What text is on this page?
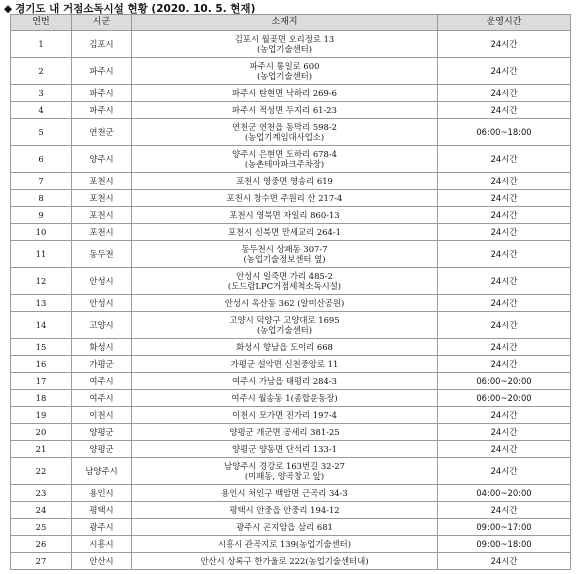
◆ 경기도 내 거점소독시설 현황 (2020. 10. 5. 현재)
연번	시군	소재지	운영시간
1	김포시	김포시 월곶면 오리정로 13
(농업기술센터)	24시간
2	파주시	파주시 통일로 600
(농업기술센터)	24시간
3	파주시	파주시 탄현면 낙하리 269-6	24시간
4	파주시	파주시 적성면 두지리 61-23	24시간
5	연천군	연천군 연천읍 동막리 598-2
(농업기계임대사업소)	06:00~18:00
6	양주시	양주시 은현면 도하리 678-4
(농촌테마파크주차장)	24시간
7	포천시	포천시 영중면 영송리 619	24시간
8	포천시	포천시 창수면 주원리 산 217-4	24시간
9	포천시	포천시 영북면 자일리 860-13	24시간
10	포천시	포천시 신북면 만세교리 264-1	24시간
11	동두천	동두천시 상패동 307-7
(농업기술정보센터 옆)	24시간
12	안성시	안성시 일죽면 가리 485-2
(도드람LPC거점세척소독시설)	24시간
13	안성시	안성시 옥산동 362 (알미산공원)	24시간
14	고양시	고양시 덕양구 고양대로 1695
(농업기술센터)	24시간
15	화성시	화성시 향남읍 도이리 668	24시간
16	가평군	가평군 설악면 신천중앙로 11	24시간
17	여주시	여주시 가남읍 태평리 284-3	06:00~20:00
18	여주시	여주시 월송동 1(종합운동장)	06:00~20:00
19	이천시	이천시 모가면 진가리 197-4	24시간
20	양평군	양평군 개군면 공세리 381-25	24시간
21	양평군	양평군 양동면 단석리 133-1	24시간
22	남양주시	남양주시 경강로 163번길 32-27
(미패동, 양곡창고 앞)	24시간
23	용인시	용인시 처인구 백암면 근곡리 34-3	04:00~20:00
24	평택시	평택시 안중읍 안중리 194-12	24시간
25	광주시	광주시 곤지암읍 삼리 681	09:00~17:00
26	시흥시	시흥시 관곡지로 139(농업기술센터)	09:00~18:00
27	안산시	안산시 상록구 한가울로 222(농업기술센터내)	24시간
